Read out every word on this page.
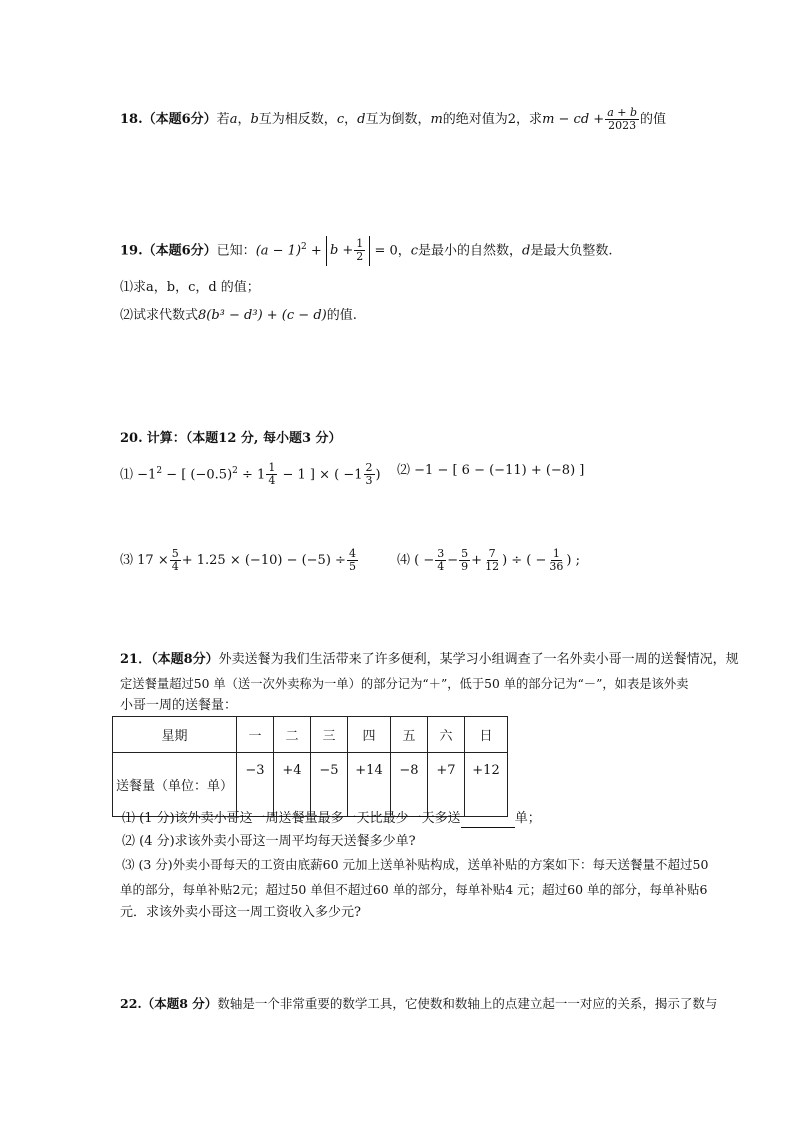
18.（本题6分）若a，b互为相反数，c，d互为倒数，m的绝对值为2，求m − cd + $\frac{a + b}{2023}$ 的值
19.（本题6分）已知：$(a - 1)^2 + b + \frac{1}{2} = 0$，c是最小的自然数，d是最大负整数.
⑴求a，b，c，d 的值；
⑵试求代数式8(b³ − d³) + (c − d)的值.
20. 计算：（本题12 分, 每小题3 分）
⑴ $-1^2$ − [ $(-0.5)^2 \div 1 \frac{1}{4} - 1$ ] × ( $-1 \frac{2}{3}$ ) ⑵ −1 − [ 6 − (−11) + (−8) ]
⑶ $17 \times \frac{5}{4} + 1.25 \times (-10) - (-5) \div \frac{4}{5}$	⑷ ( − $\frac{3}{4} - \frac{5}{9} + \frac{7}{12}$ ) ÷ ( − $\frac{1}{36}$ ) ;
21．（本题8分）外卖送餐为我们生活带来了许多便利，某学习小组调查了一名外卖小哥一周的送餐情况，规
定送餐量超过50 单（送一次外卖称为一单）的部分记为“＋”，低于50 单的部分记为“－”，如表是该外卖
小哥一周的送餐量：
星期	一	二	三	四	五	六	日
送餐量（单位：单）	−3	+4	−5	+14	−8	+7	+12
⑴ (1 分)该外卖小哥这一周送餐量最多一天比最少一天多送	单；
⑵ (4 分)求该外卖小哥这一周平均每天送餐多少单?
⑶ (3 分)外卖小哥每天的工资由底薪60 元加上送单补贴构成，送单补贴的方案如下：每天送餐量不超过50
单的部分，每单补贴2元；超过50 单但不超过60 单的部分，每单补贴4 元；超过60 单的部分，每单补贴6
元．求该外卖小哥这一周工资收入多少元?
22.（本题8 分）数轴是一个非常重要的数学工具，它使数和数轴上的点建立起一一对应的关系，揭示了数与
